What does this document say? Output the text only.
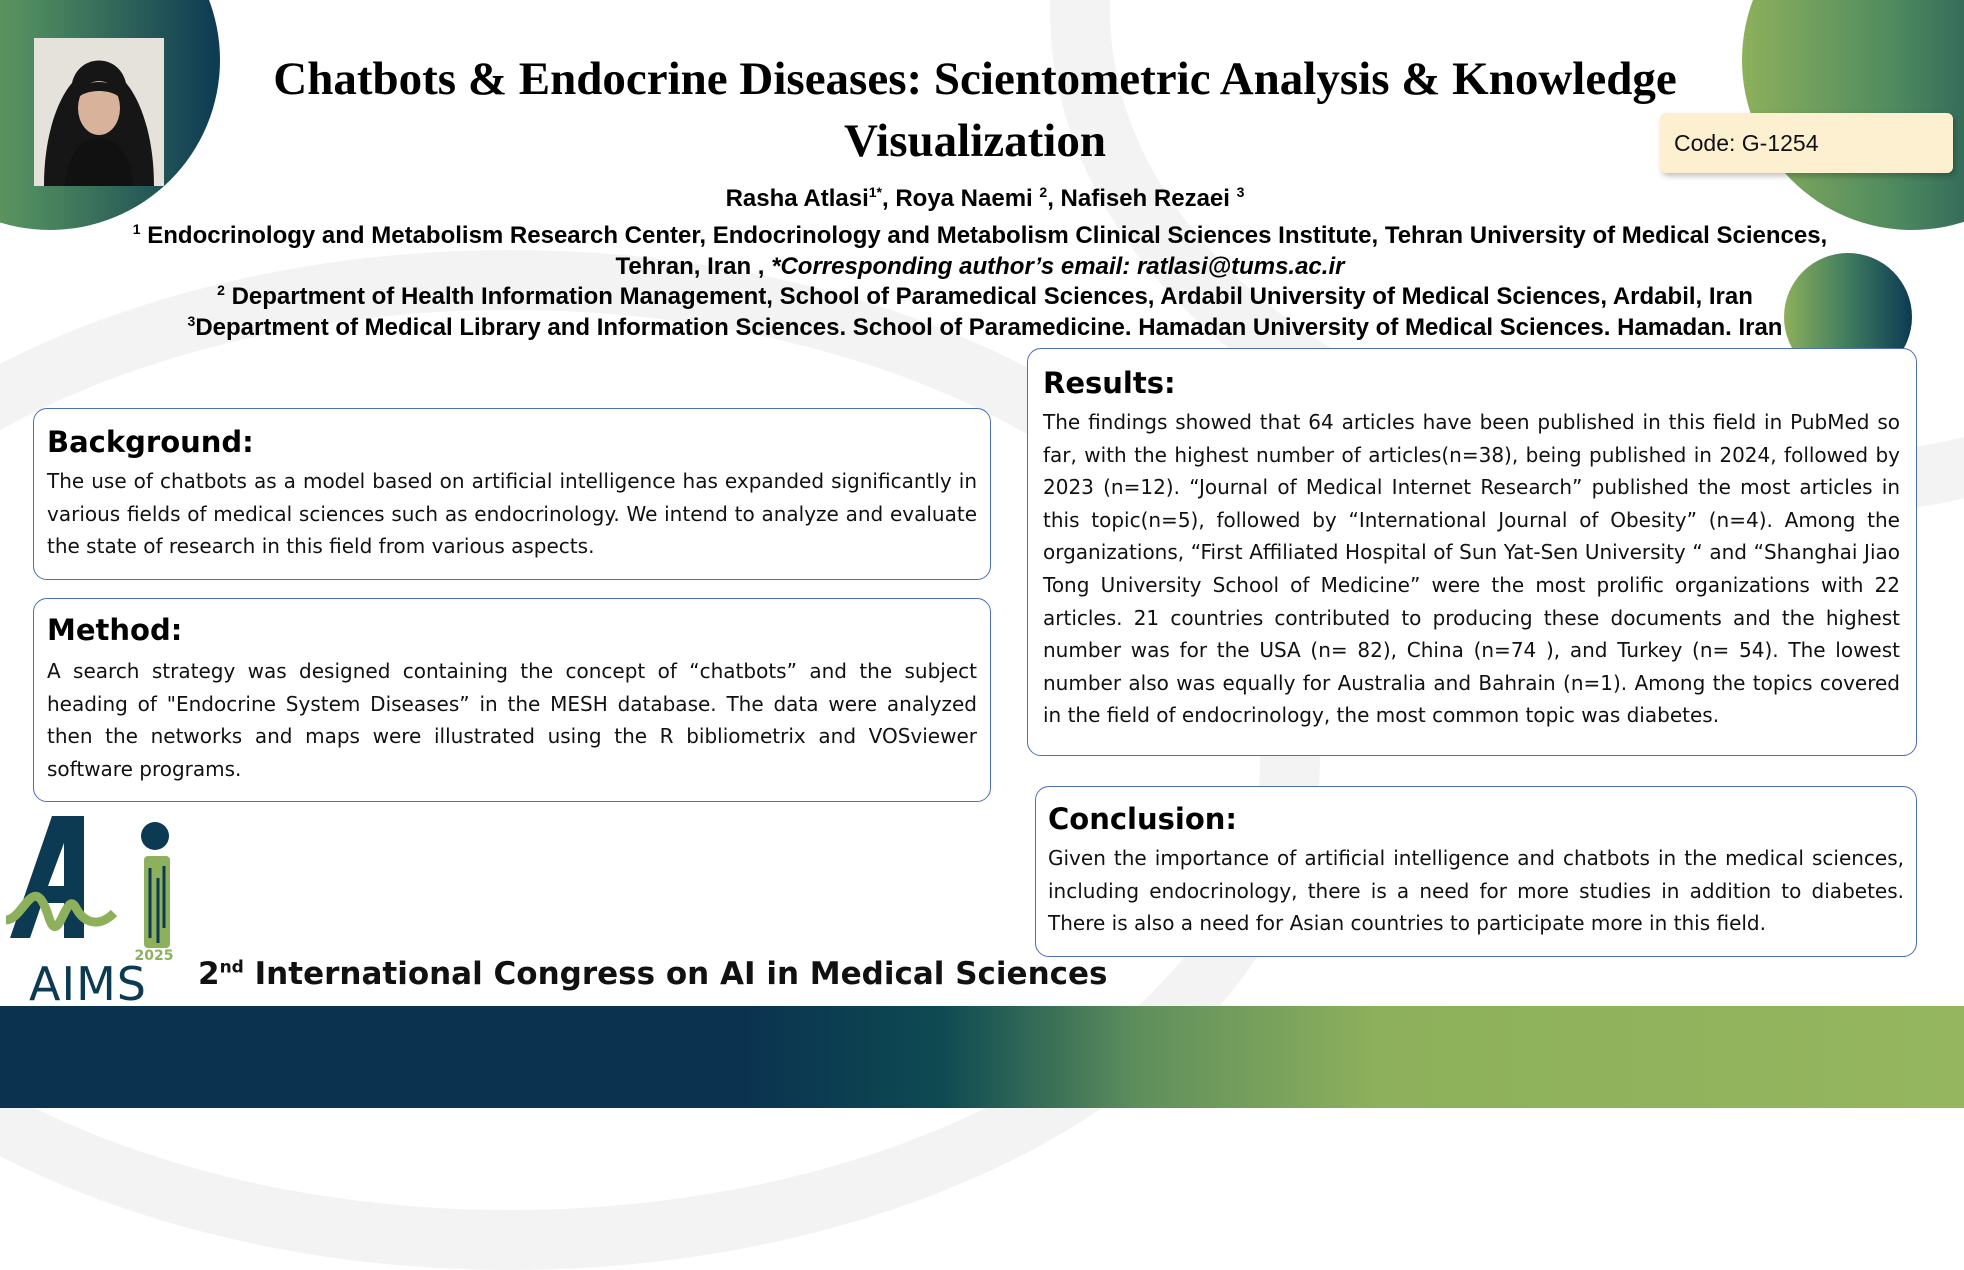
Chatbots & Endocrine Diseases: Scientometric Analysis & Knowledge Visualization	Code: G-1254
Rasha Atlasi$^{1*}$, Roya Naemi $^2$, Nafiseh Rezaei $^3$
$^1$ Endocrinology and Metabolism Research Center, Endocrinology and Metabolism Clinical Sciences Institute, Tehran University of Medical Sciences, Tehran, Iran , *Corresponding author’s email: ratlasi@tums.ac.ir
$^2$ Department of Health Information Management, School of Paramedical Sciences, Ardabil University of Medical Sciences, Ardabil, Iran
$^3$Department of Medical Library and Information Sciences. School of Paramedicine. Hamadan University of Medical Sciences. Hamadan. Iran
Background:

The use of chatbots as a model based on artificial intelligence has expanded significantly in various fields of medical sciences such as endocrinology. We intend to analyze and evaluate the state of research in this field from various aspects.

Method:

A search strategy was designed containing the concept of “chatbots” and the subject heading of "Endocrine System Diseases” in the MESH database. The data were analyzed then the networks and maps were illustrated using the R bibliometrix and VOSviewer software programs.

Results:

The findings showed that 64 articles have been published in this field in PubMed so far, with the highest number of articles(n=38), being published in 2024, followed by 2023 (n=12). “Journal of Medical Internet Research” published the most articles in this topic(n=5), followed by “International Journal of Obesity” (n=4). Among the organizations, “First Affiliated Hospital of Sun Yat-Sen University “ and “Shanghai Jiao Tong University School of Medicine” were the most prolific organizations with 22 articles. 21 countries contributed to producing these documents and the highest number was for the USA (n= 82), China (n=74 ), and Turkey (n= 54). The lowest number also was equally for Australia and Bahrain (n=1). Among the topics covered in the field of endocrinology, the most common topic was diabetes.

Conclusion:

Given the importance of artificial intelligence and chatbots in the medical sciences, including endocrinology, there is a need for more studies in addition to diabetes. There is also a need for Asian countries to participate more in this field.

2025
AIMS 2nd International Congress on AI in Medical Sciences
